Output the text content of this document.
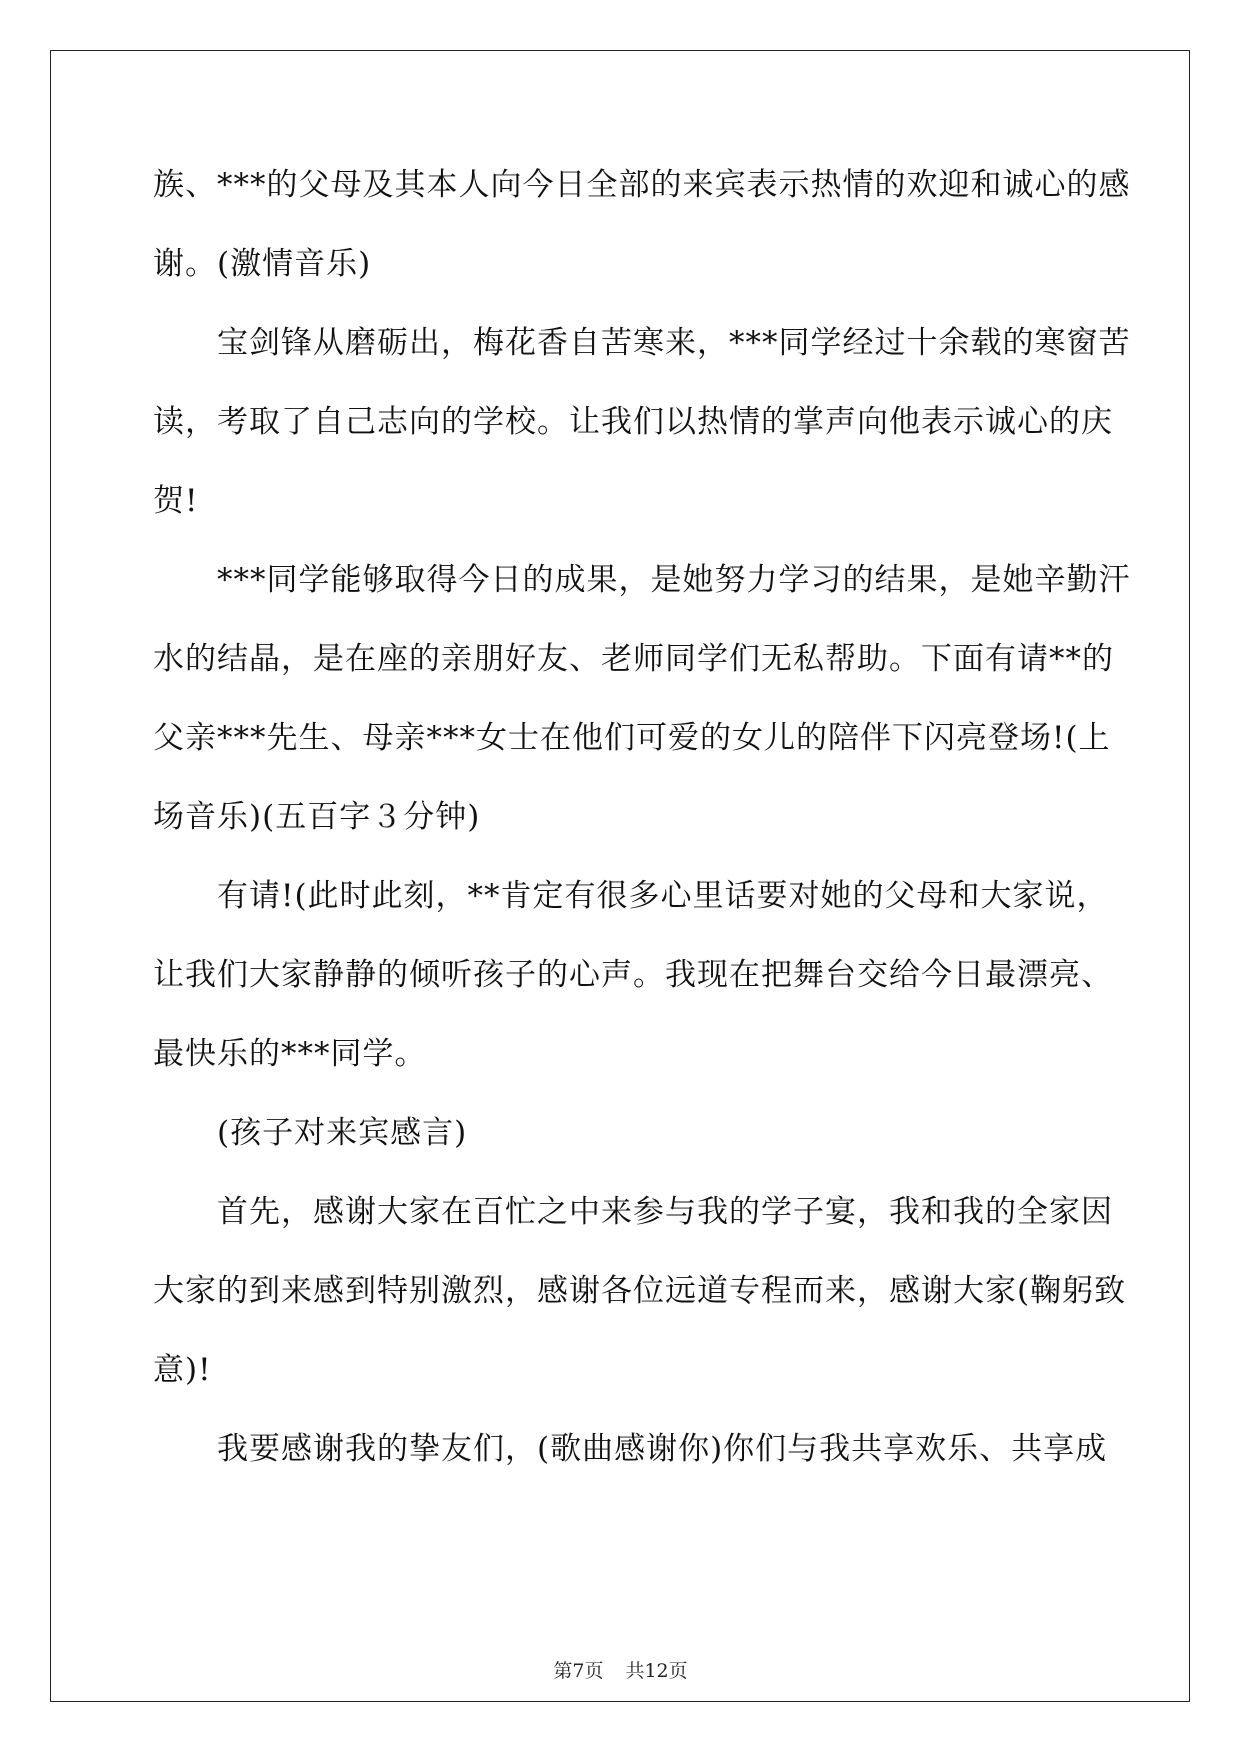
族、***的父母及其本人向今日全部的来宾表示热情的欢迎和诚心的感
谢。(激情音乐)
宝剑锋从磨砺出，梅花香自苦寒来，***同学经过十余载的寒窗苦
读，考取了自己志向的学校。让我们以热情的掌声向他表示诚心的庆
贺!
***同学能够取得今日的成果，是她努力学习的结果，是她辛勤汗
水的结晶，是在座的亲朋好友、老师同学们无私帮助。下面有请**的
父亲***先生、母亲***女士在他们可爱的女儿的陪伴下闪亮登场!(上
场音乐)(五百字３分钟)
有请!(此时此刻，**肯定有很多心里话要对她的父母和大家说，
让我们大家静静的倾听孩子的心声。我现在把舞台交给今日最漂亮、
最快乐的***同学。
(孩子对来宾感言)
首先，感谢大家在百忙之中来参与我的学子宴，我和我的全家因
大家的到来感到特别激烈，感谢各位远道专程而来，感谢大家(鞠躬致
意)!
我要感谢我的挚友们，(歌曲感谢你)你们与我共享欢乐、共享成
第7页 共12页
